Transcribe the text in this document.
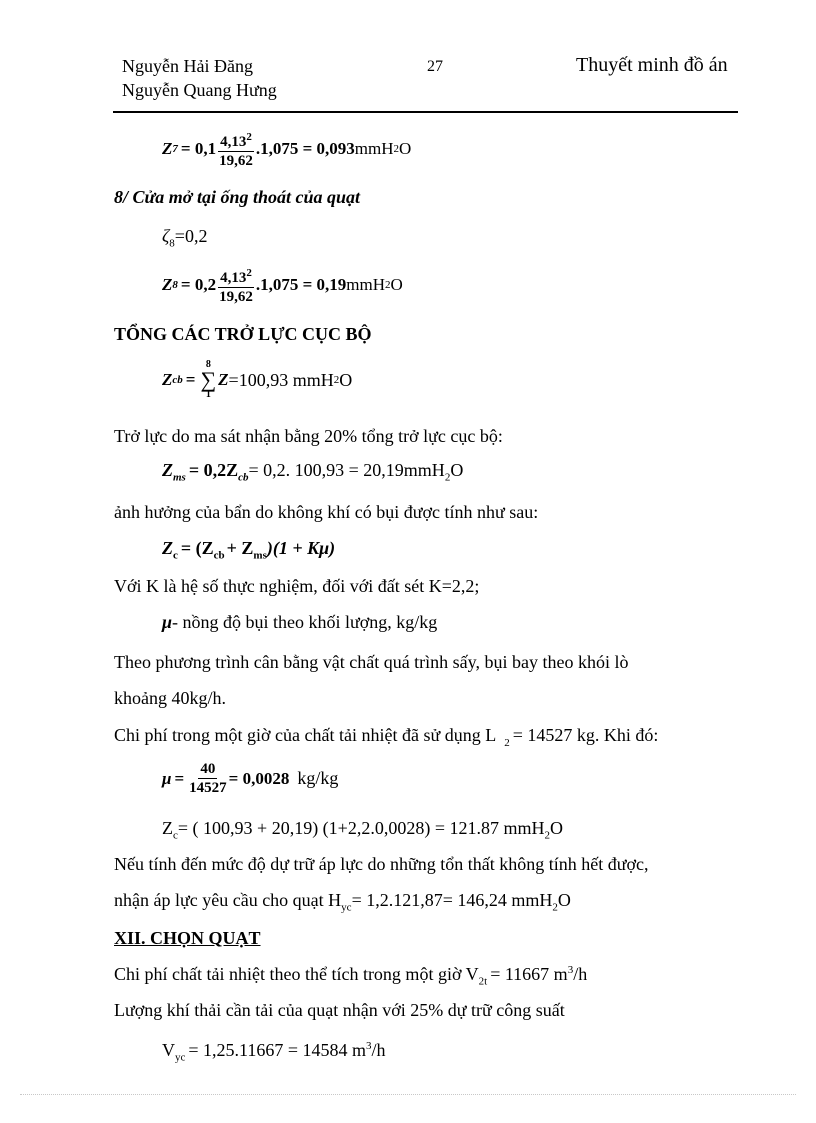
Nguyễn Hải Đăng
Nguyễn Quang Hưng
27	Thuyết minh đồ án
Z $7 = 0,1 \frac{4,13^2}{19,62} .1,075 = 0,093$ mmH 2 O
8/ Cửa mở tại ống thoát của quạt
$\zeta_8=0,2$
Z $8 = 0,2 \frac{4,13^2}{19,62} .1,075 = 0,19$ mmH 2 O
TỔNG CÁC TRỞ LỰC CỤC BỘ
Z cb =
8
∑
1
Z =100,93 mmH 2 O
Trở lực do ma sát nhận bằng 20% tổng trở lực cục bộ:
$Z_{ms} = 0,2Z_{cb}= 0,2$. 100,93 = 20,19mmH$_2$O
ảnh hưởng của bẩn do không khí có bụi được tính như sau:
$Z_c = (Z_{cb} + Z_{ms})(1 + K\mu)$
Với K là hệ số thực nghiệm, đối với đất sét K=2,2;
μ- nồng độ bụi theo khối lượng, kg/kg
Theo phương trình cân bằng vật chất quá trình sấy, bụi bay theo khói lò
khoảng 40kg/h.
Chi phí trong một giờ của chất tải nhiệt đã sử dụng L $_2$ = 14527 kg. Khi đó:
$\mu = \frac{40}{14527} = 0,0028$ kg/kg
$Z_c=$ ( 100,93 + 20,19) (1+2,2.0,0028) = 121.87 mmH$_2$O
Nếu tính đến mức độ dự trữ áp lực do những tổn thất không tính hết được,
nhận áp lực yêu cầu cho quạt $H_{yc}= 1,2.121,87= 146,24$ mmH$_2$O
XII. CHỌN QUẠT
Chi phí chất tải nhiệt theo thể tích trong một giờ $V_{2t} = 11667$ $m^3/h$
Lượng khí thải cần tải của quạt nhận với 25% dự trữ công suất
$V_{yc} = 1,25.11667 = 14584$ $m^3/h$
